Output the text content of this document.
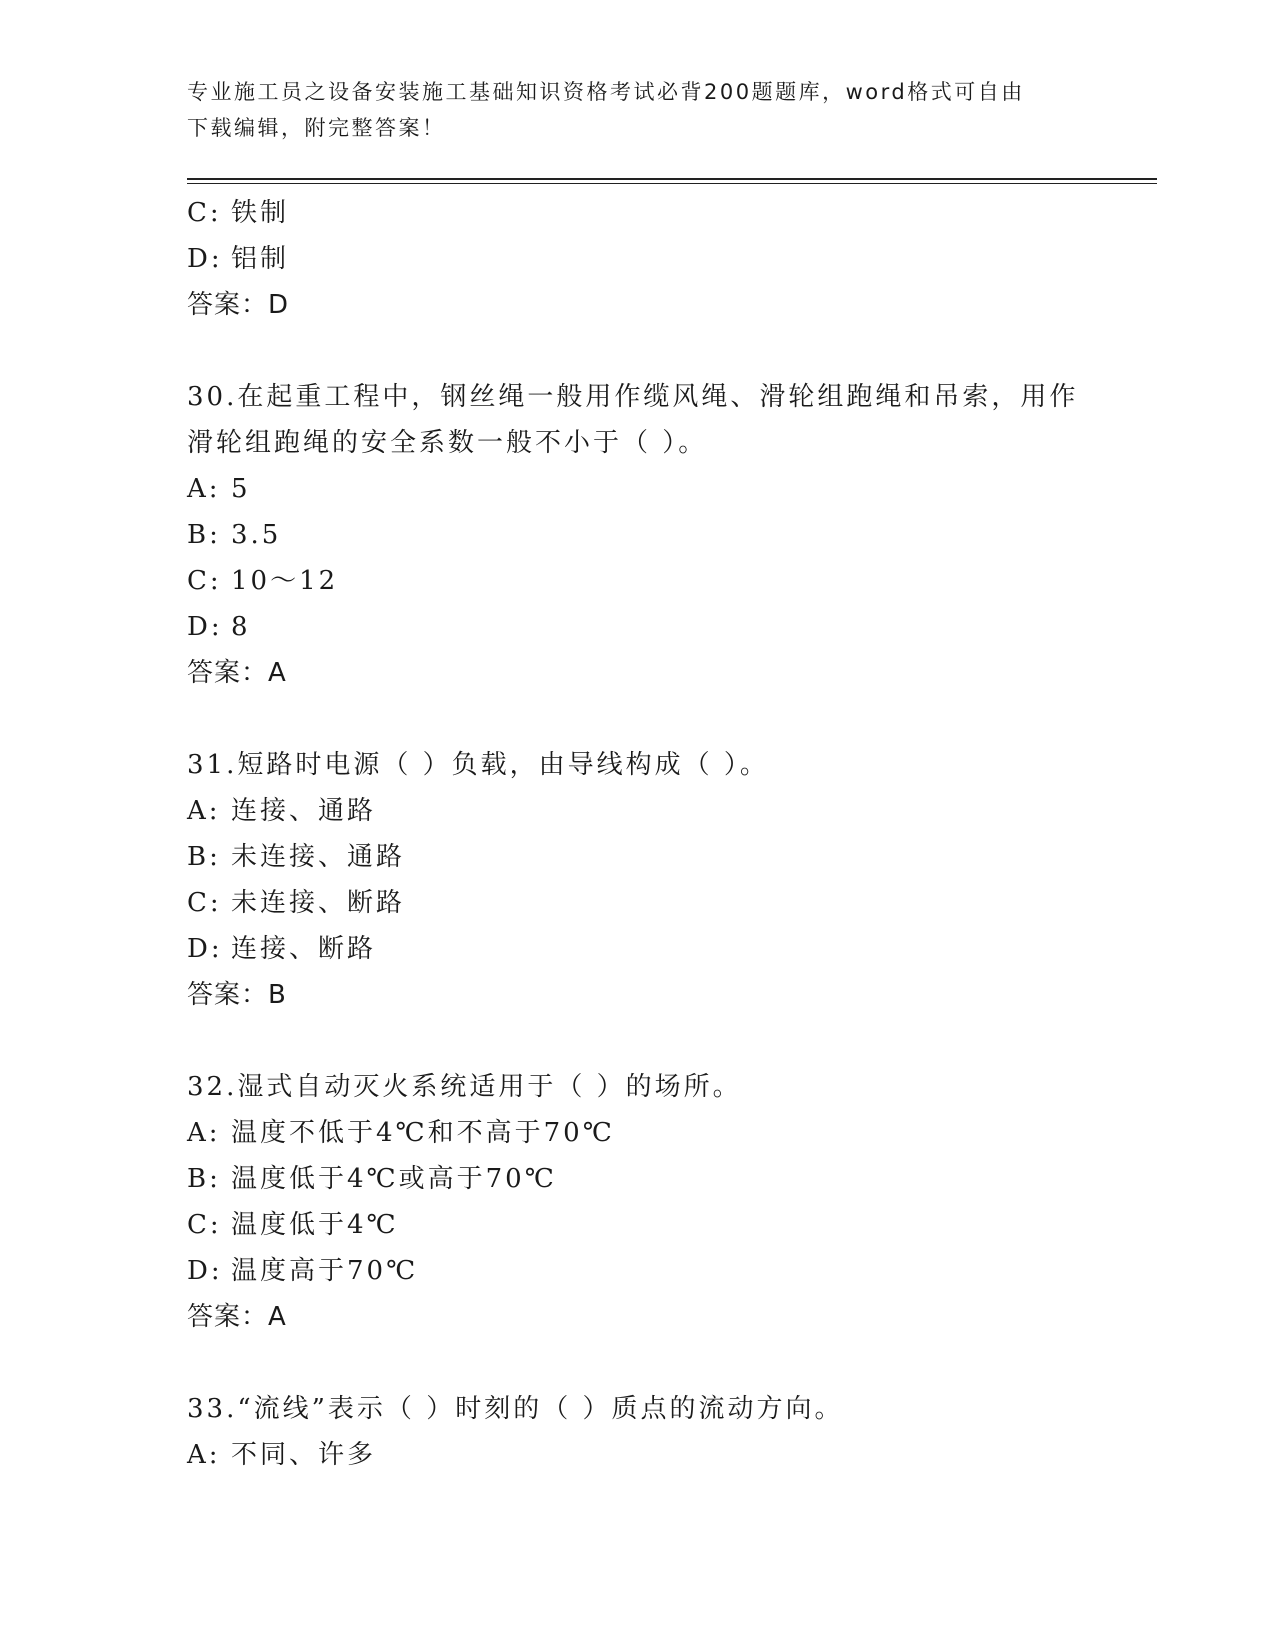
专业施工员之设备安装施工基础知识资格考试必背200题题库，word格式可自由
下载编辑，附完整答案！
C: 铁制
D: 铝制
答案：D
30.在起重工程中，钢丝绳一般用作缆风绳、滑轮组跑绳和吊索，用作
滑轮组跑绳的安全系数一般不小于（ ）。
A: 5
B: 3.5
C: 10～12
D: 8
答案：A
31.短路时电源（ ）负载，由导线构成（ ）。
A: 连接、通路
B: 未连接、通路
C: 未连接、断路
D: 连接、断路
答案：B
32.湿式自动灭火系统适用于（ ）的场所。
A: 温度不低于4℃和不高于70℃
B: 温度低于4℃或高于70℃
C: 温度低于4℃
D: 温度高于70℃
答案：A
33.“流线”表示（ ）时刻的（ ）质点的流动方向。
A: 不同、许多
